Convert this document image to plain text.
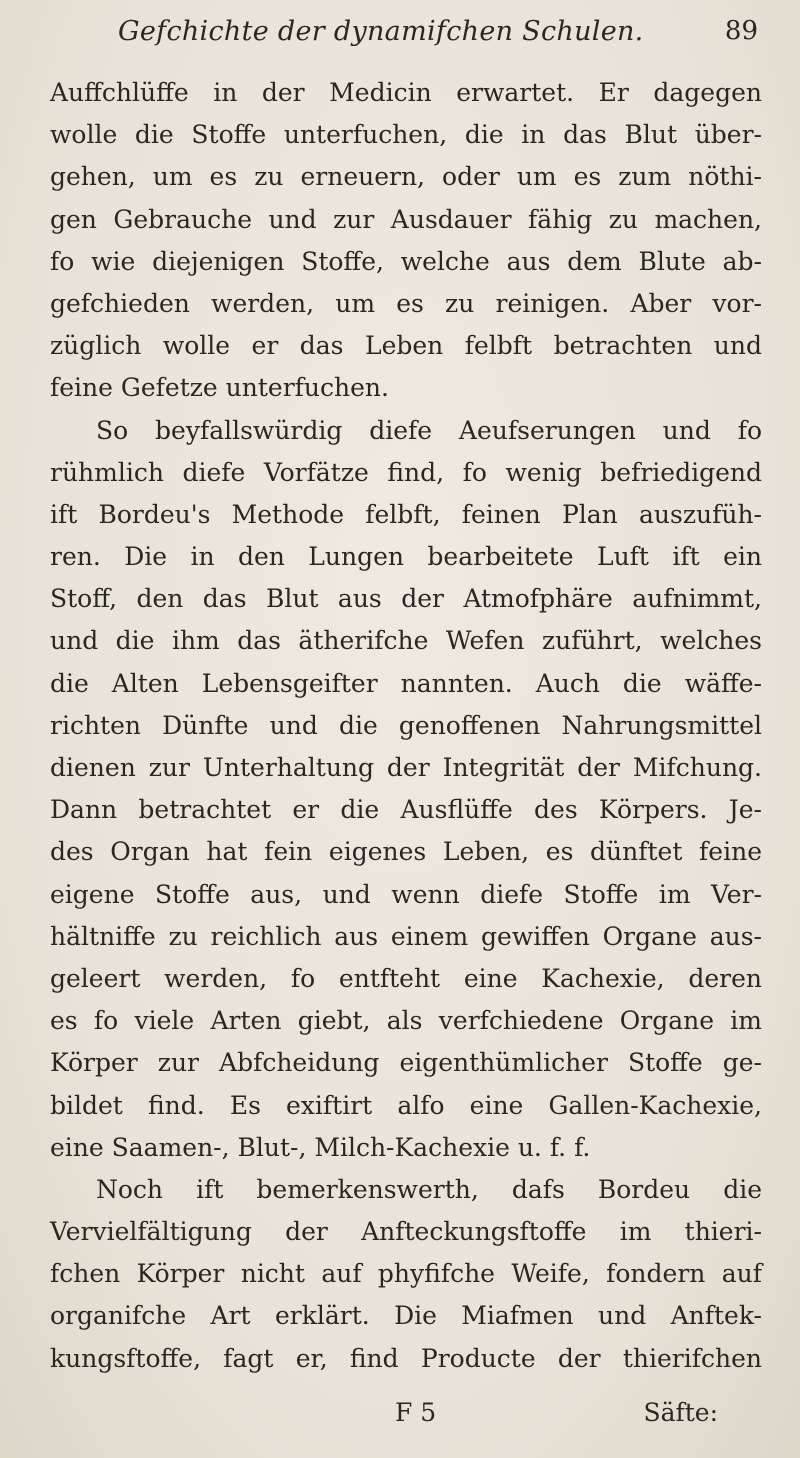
Gefchichte der dynamifchen Schulen.	89
Auffchlüffe in der Medicin erwartet. Er dagegen
wolle die Stoffe unterfuchen, die in das Blut über-
gehen, um es zu erneuern, oder um es zum nöthi-
gen Gebrauche und zur Ausdauer fähig zu machen,
fo wie diejenigen Stoffe, welche aus dem Blute ab-
gefchieden werden, um es zu reinigen. Aber vor-
züglich wolle er das Leben felbft betrachten und
feine Gefetze unterfuchen.
So beyfallswürdig diefe Aeufserungen und fo
rühmlich diefe Vorfätze find, fo wenig befriedigend
ift Bordeu's Methode felbft, feinen Plan auszufüh-
ren. Die in den Lungen bearbeitete Luft ift ein
Stoff, den das Blut aus der Atmofphäre aufnimmt,
und die ihm das ätherifche Wefen zuführt, welches
die Alten Lebensgeifter nannten. Auch die wäffe-
richten Dünfte und die genoffenen Nahrungsmittel
dienen zur Unterhaltung der Integrität der Mifchung.
Dann betrachtet er die Ausflüffe des Körpers. Je-
des Organ hat fein eigenes Leben, es dünftet feine
eigene Stoffe aus, und wenn diefe Stoffe im Ver-
hältniffe zu reichlich aus einem gewiffen Organe aus-
geleert werden, fo entfteht eine Kachexie, deren
es fo viele Arten giebt, als verfchiedene Organe im
Körper zur Abfcheidung eigenthümlicher Stoffe ge-
bildet find. Es exiftirt alfo eine Gallen-Kachexie,
eine Saamen-, Blut-, Milch-Kachexie u. f. f.
Noch ift bemerkenswerth, dafs Bordeu die
Vervielfältigung der Anfteckungsftoffe im thieri-
fchen Körper nicht auf phyfifche Weife, fondern auf
organifche Art erklärt. Die Miafmen und Anftek-
kungsftoffe, fagt er, find Producte der thierifchen
F 5	Säfte:
